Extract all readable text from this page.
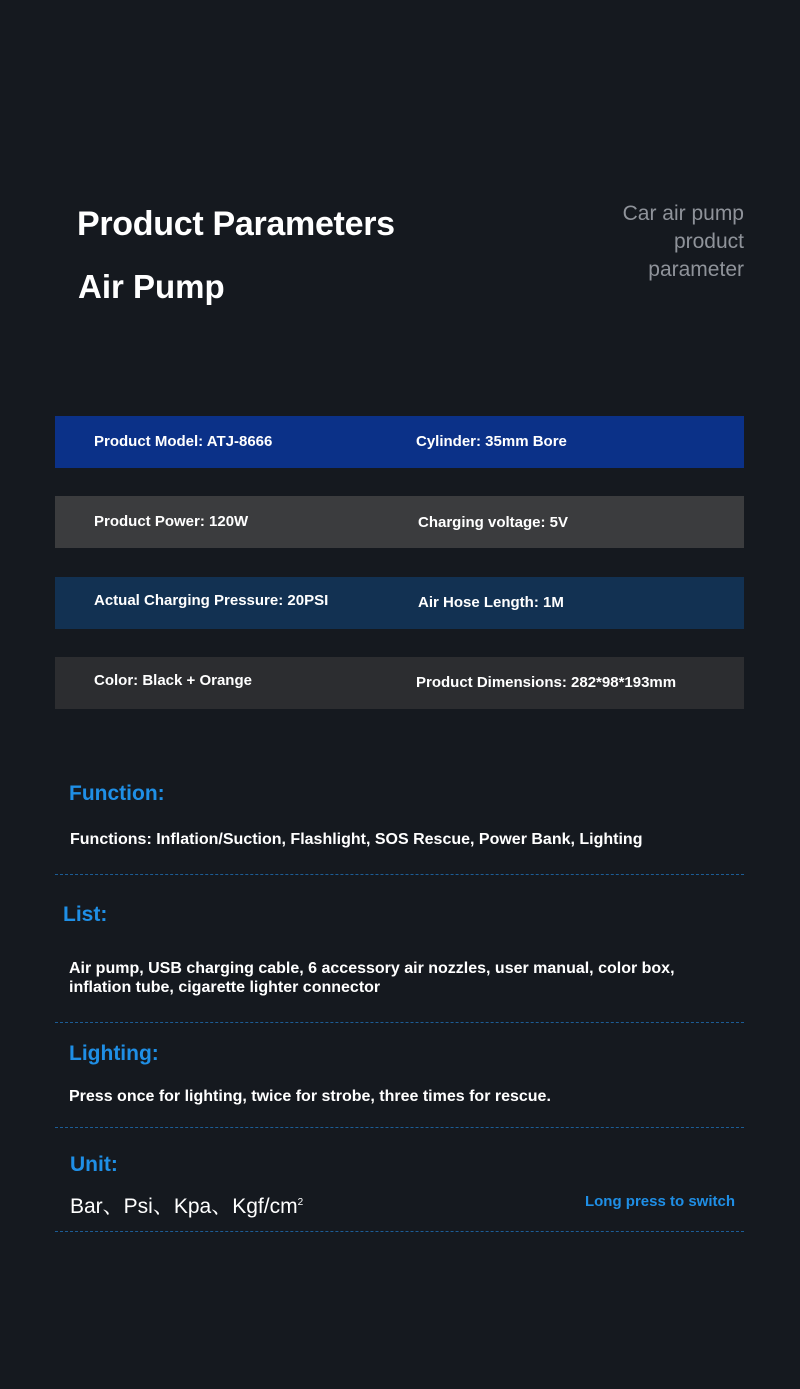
Product Parameters
Air Pump
Car air pump
product
parameter
Product Model: ATJ-8666	Cylinder: 35mm Bore
Product Power: 120W	Charging voltage: 5V
Actual Charging Pressure: 20PSI	Air Hose Length: 1M
Color: Black + Orange	Product Dimensions: 282*98*193mm
Function:

Functions: Inflation/Suction, Flashlight, SOS Rescue, Power Bank, Lighting

List:

Air pump, USB charging cable, 6 accessory air nozzles, user manual, color box, inflation tube, cigarette lighter connector

Lighting:

Press once for lighting, twice for strobe, three times for rescue.

Unit:
Bar、Psi、Kpa、Kgf/$cm^2$	Long press to switch
